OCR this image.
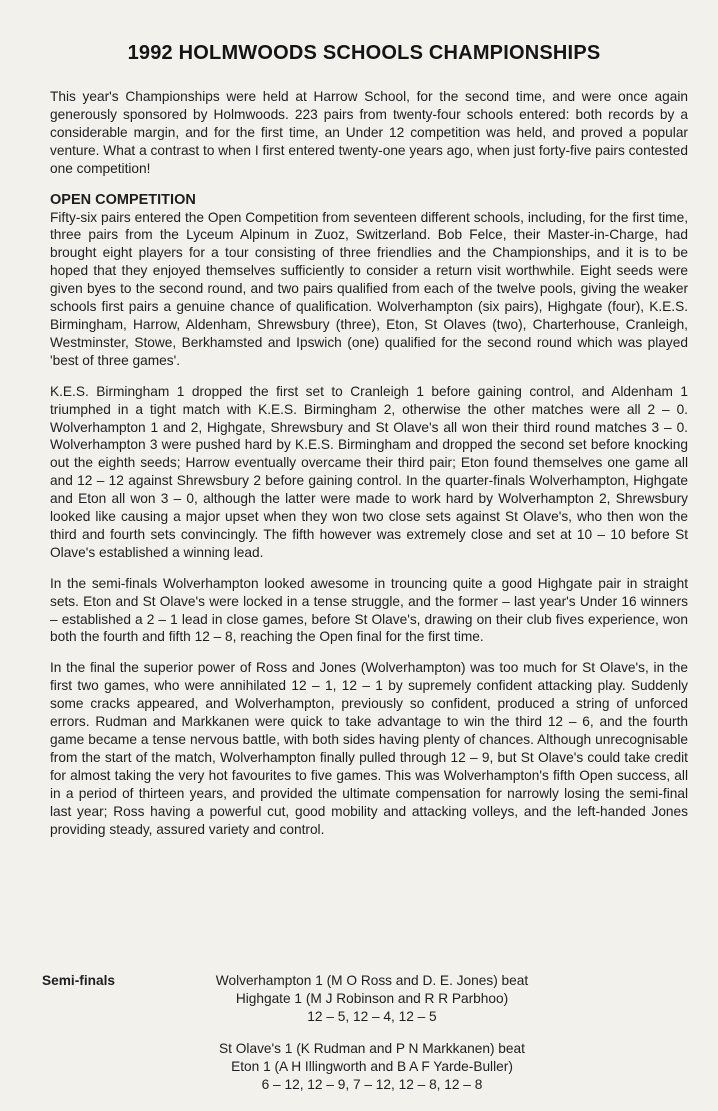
1992 HOLMWOODS SCHOOLS CHAMPIONSHIPS

This year's Championships were held at Harrow School, for the second time, and were once again generously sponsored by Holmwoods. 223 pairs from twenty-four schools entered: both records by a considerable margin, and for the first time, an Under 12 competition was held, and proved a popular venture. What a contrast to when I first entered twenty-one years ago, when just forty-five pairs contested one competition!

OPEN COMPETITION

Fifty-six pairs entered the Open Competition from seventeen different schools, including, for the first time, three pairs from the Lyceum Alpinum in Zuoz, Switzerland. Bob Felce, their Master-in-Charge, had brought eight players for a tour consisting of three friendlies and the Championships, and it is to be hoped that they enjoyed themselves sufficiently to consider a return visit worthwhile. Eight seeds were given byes to the second round, and two pairs qualified from each of the twelve pools, giving the weaker schools first pairs a genuine chance of qualification. Wolverhampton (six pairs), Highgate (four), K.E.S. Birmingham, Harrow, Aldenham, Shrewsbury (three), Eton, St Olaves (two), Charterhouse, Cranleigh, Westminster, Stowe, Berkhamsted and Ipswich (one) qualified for the second round which was played 'best of three games'.

K.E.S. Birmingham 1 dropped the first set to Cranleigh 1 before gaining control, and Aldenham 1 triumphed in a tight match with K.E.S. Birmingham 2, otherwise the other matches were all 2 – 0. Wolverhampton 1 and 2, Highgate, Shrewsbury and St Olave's all won their third round matches 3 – 0. Wolverhampton 3 were pushed hard by K.E.S. Birmingham and dropped the second set before knocking out the eighth seeds; Harrow eventually overcame their third pair; Eton found themselves one game all and 12 – 12 against Shrewsbury 2 before gaining control. In the quarter-finals Wolverhampton, Highgate and Eton all won 3 – 0, although the latter were made to work hard by Wolverhampton 2, Shrewsbury looked like causing a major upset when they won two close sets against St Olave's, who then won the third and fourth sets convincingly. The fifth however was extremely close and set at 10 – 10 before St Olave's established a winning lead.

In the semi-finals Wolverhampton looked awesome in trouncing quite a good Highgate pair in straight sets. Eton and St Olave's were locked in a tense struggle, and the former – last year's Under 16 winners – established a 2 – 1 lead in close games, before St Olave's, drawing on their club fives experience, won both the fourth and fifth 12 – 8, reaching the Open final for the first time.

In the final the superior power of Ross and Jones (Wolverhampton) was too much for St Olave's, in the first two games, who were annihilated 12 – 1, 12 – 1 by supremely confident attacking play. Suddenly some cracks appeared, and Wolverhampton, previously so confident, produced a string of unforced errors. Rudman and Markkanen were quick to take advantage to win the third 12 – 6, and the fourth game became a tense nervous battle, with both sides having plenty of chances. Although unrecognisable from the start of the match, Wolverhampton finally pulled through 12 – 9, but St Olave's could take credit for almost taking the very hot favourites to five games. This was Wolverhampton's fifth Open success, all in a period of thirteen years, and provided the ultimate compensation for narrowly losing the semi-final last year; Ross having a powerful cut, good mobility and attacking volleys, and the left-handed Jones providing steady, assured variety and control.

Semi-finals	Wolverhampton 1 (M O Ross and D. E. Jones) beat
Highgate 1 (M J Robinson and R R Parbhoo)
12 – 5, 12 – 4, 12 – 5
St Olave's 1 (K Rudman and P N Markkanen) beat
Eton 1 (A H Illingworth and B A F Yarde-Buller)
6 – 12, 12 – 9, 7 – 12, 12 – 8, 12 – 8
